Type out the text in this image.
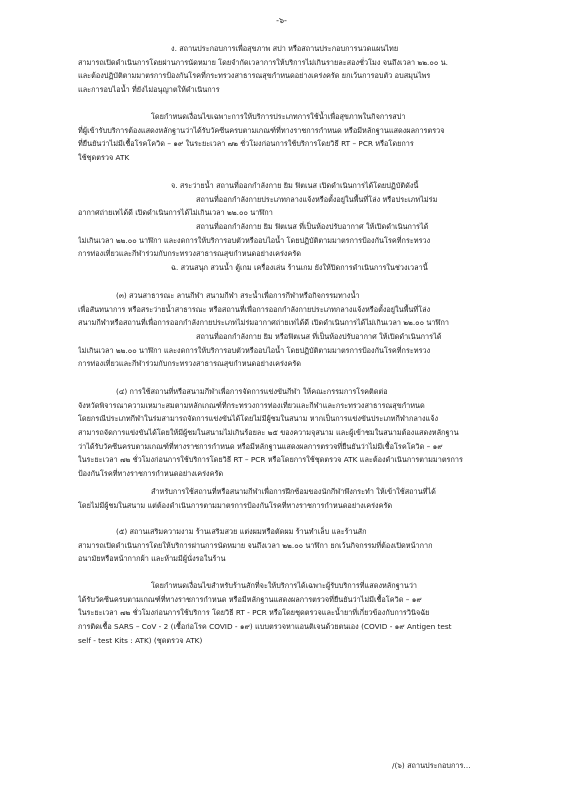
-๖-
ง. สถานประกอบการเพื่อสุขภาพ สปา หรือสถานประกอบการนวดแผนไทย
สามารถเปิดดำเนินการโดยผ่านการนัดหมาย โดยจำกัดเวลาการให้บริการไม่เกินรายละสองชั่วโมง จนถึงเวลา ๒๒.๐๐ น.
และต้องปฏิบัติตามมาตรการป้องกันโรคที่กระทรวงสาธารณสุขกำหนดอย่างเคร่งครัด ยกเว้นการอบตัว อบสมุนไพร
และการอบไอน้ำ ที่ยังไม่อนุญาตให้ดำเนินการ
โดยกำหนดเงื่อนไขเฉพาะการให้บริการประเภทการใช้น้ำเพื่อสุขภาพในกิจการสปา
ที่ผู้เข้ารับบริการต้องแสดงหลักฐานว่าได้รับวัคซีนครบตามเกณฑ์ที่ทางราชการกำหนด หรือมีหลักฐานแสดงผลการตรวจ
ที่ยืนยันว่าไม่มีเชื้อโรคโควิด – ๑๙ ในระยะเวลา ๗๒ ชั่วโมงก่อนการใช้บริการโดยวิธี RT – PCR หรือโดยการ
ใช้ชุดตรวจ ATK
จ. สระว่ายน้ำ สถานที่ออกกำลังกาย ยิม ฟิตเนส เปิดดำเนินการได้โดยปฏิบัติดังนี้
สถานที่ออกกำลังกายประเภทกลางแจ้งหรือตั้งอยู่ในพื้นที่โล่ง หรือประเภทไม่ร่ม
อากาศถ่ายเทได้ดี เปิดดำเนินการได้ไม่เกินเวลา ๒๒.๐๐ นาฬิกา
สถานที่ออกกำลังกาย ยิม ฟิตเนส ที่เป็นห้องปรับอากาศ ให้เปิดดำเนินการได้
ไม่เกินเวลา ๒๒.๐๐ นาฬิกา และงดการให้บริการอบตัวหรืออบไอน้ำ โดยปฏิบัติตามมาตรการป้องกันโรคที่กระทรวง
การท่องเที่ยวและกีฬาร่วมกับกระทรวงสาธารณสุขกำหนดอย่างเคร่งครัด
ฉ. สวนสนุก สวนน้ำ ตู้เกม เครื่องเล่น ร้านเกม ยังให้ปิดการดำเนินการในช่วงเวลานี้
(๓) สวนสาธารณะ ลานกีฬา สนามกีฬา สระน้ำเพื่อการกีฬาหรือกิจกรรมทางน้ำ
เพื่อสันทนาการ หรือสระว่ายน้ำสาธารณะ หรือสถานที่เพื่อการออกกำลังกายประเภทกลางแจ้งหรือตั้งอยู่ในพื้นที่โล่ง
สนามกีฬาหรือสถานที่เพื่อการออกกำลังกายประเภทไม่ร่มอากาศถ่ายเทได้ดี เปิดดำเนินการได้ไม่เกินเวลา ๒๒.๐๐ นาฬิกา
สถานที่ออกกำลังกาย ยิม หรือฟิตเนส ที่เป็นห้องปรับอากาศ ให้เปิดดำเนินการได้
ไม่เกินเวลา ๒๒.๐๐ นาฬิกา และงดการให้บริการอบตัวหรืออบไอน้ำ โดยปฏิบัติตามมาตรการป้องกันโรคที่กระทรวง
การท่องเที่ยวและกีฬาร่วมกับกระทรวงสาธารณสุขกำหนดอย่างเคร่งครัด
(๔) การใช้สถานที่หรือสนามกีฬาเพื่อการจัดการแข่งขันกีฬา ให้คณะกรรมการโรคติดต่อ
จังหวัดพิจารณาความเหมาะสมตามหลักเกณฑ์ที่กระทรวงการท่องเที่ยวและกีฬาและกระทรวงสาธารณสุขกำหนด
โดยกรณีประเภทกีฬาในร่มสามารถจัดการแข่งขันได้โดยไม่มีผู้ชมในสนาม หากเป็นการแข่งขันประเภทกีฬากลางแจ้ง
สามารถจัดการแข่งขันได้โดยให้มีผู้ชมในสนามไม่เกินร้อยละ ๒๕ ของความจุสนาม และผู้เข้าชมในสนามต้องแสดงหลักฐาน
ว่าได้รับวัคซีนครบตามเกณฑ์ที่ทางราชการกำหนด หรือมีหลักฐานแสดงผลการตรวจที่ยืนยันว่าไม่มีเชื้อโรคโควิด – ๑๙
ในระยะเวลา ๗๒ ชั่วโมงก่อนการใช้บริการโดยวิธี RT – PCR หรือโดยการใช้ชุดตรวจ ATK และต้องดำเนินการตามมาตรการ
ป้องกันโรคที่ทางราชการกำหนดอย่างเคร่งครัด
สำหรับการใช้สถานที่หรือสนามกีฬาเพื่อการฝึกซ้อมของนักกีฬาพึงกระทำ ให้เข้าใช้สถานที่ได้
โดยไม่มีผู้ชมในสนาม แต่ต้องดำเนินการตามมาตรการป้องกันโรคที่ทางราชการกำหนดอย่างเคร่งครัด
(๕) สถานเสริมความงาม ร้านเสริมสวย แต่งผมหรือตัดผม ร้านทำเล็บ และร้านสัก
สามารถเปิดดำเนินการโดยให้บริการผ่านการนัดหมาย จนถึงเวลา ๒๒.๐๐ นาฬิกา ยกเว้นกิจกรรมที่ต้องเปิดหน้ากาก
อนามัยหรือหน้ากากผ้า และห้ามมีผู้นั่งรอในร้าน
โดยกำหนดเงื่อนไขสำหรับร้านสักที่จะให้บริการได้เฉพาะผู้รับบริการที่แสดงหลักฐานว่า
ได้รับวัคซีนครบตามเกณฑ์ที่ทางราชการกำหนด หรือมีหลักฐานแสดงผลการตรวจที่ยืนยันว่าไม่มีเชื้อโควิด – ๑๙
ในระยะเวลา ๗๒ ชั่วโมงก่อนการใช้บริการ โดยวิธี RT - PCR หรือโดยชุดตรวจและน้ำยาที่เกี่ยวข้องกับการวินิจฉัย
การติดเชื้อ SARS – CoV - 2 (เชื้อก่อโรค COVID - ๑๙) แบบตรวจหาแอนติเจนด้วยตนเอง (COVID - ๑๙ Antigen test
self - test Kits : ATK) (ชุดตรวจ ATK)
/(๖) สถานประกอบการ…
